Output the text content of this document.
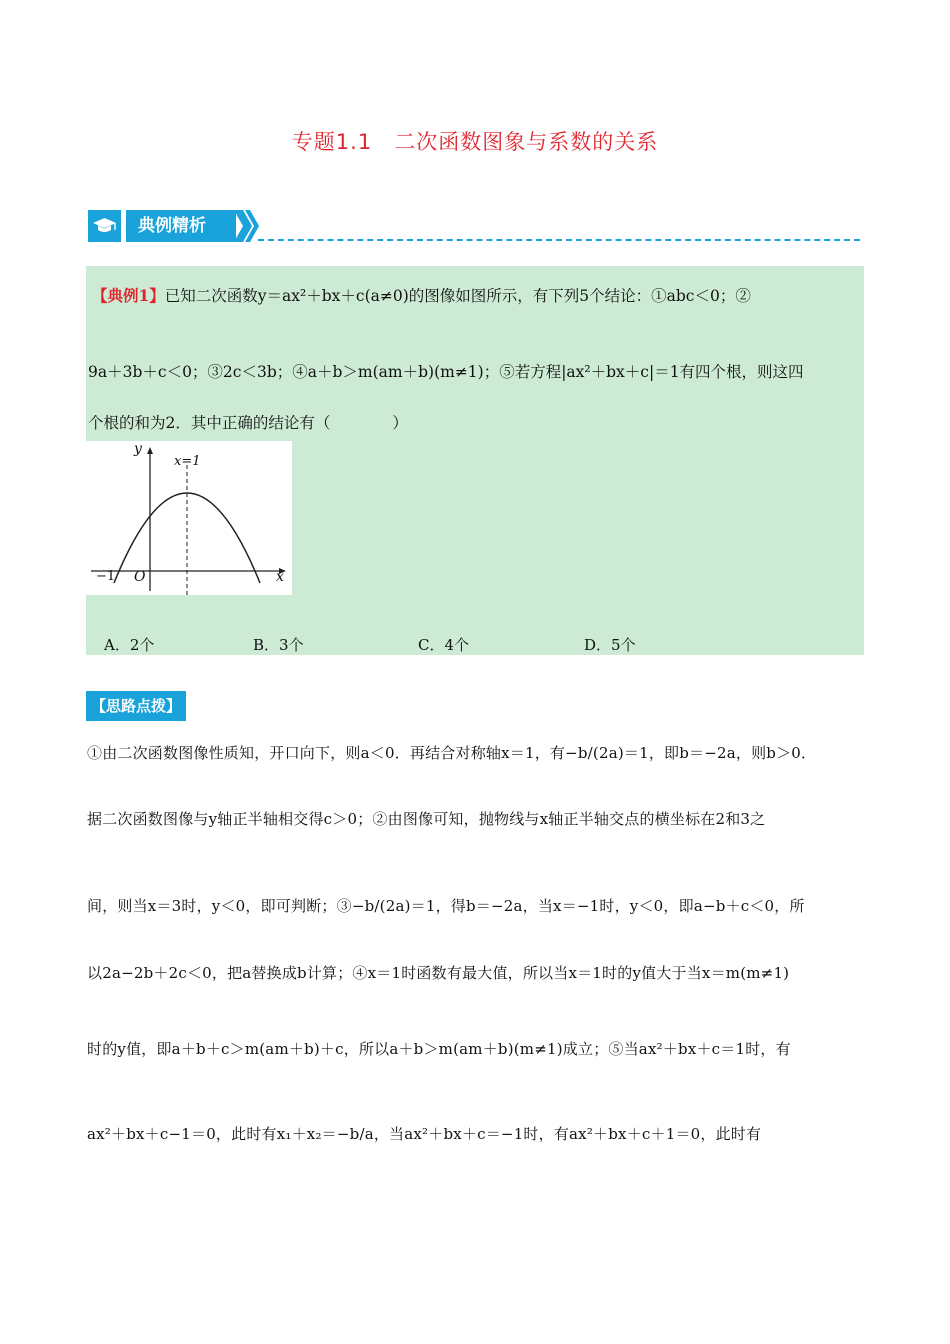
专题1.1　二次函数图象与系数的关系
典例精析
【典例1】已知二次函数y＝ax²＋bx＋c(a≠0)的图像如图所示，有下列5个结论：①abc＜0；②
9a＋3b＋c＜0；③2c＜3b；④a＋b＞m(am＋b)(m≠1)；⑤若方程|ax²＋bx＋c|＝1有四个根，则这四
个根的和为2．其中正确的结论有（　　　　）
y
x
x=1
O
−1
A．2个	B．3个	C．4个	D．5个
【思路点拨】
①由二次函数图像性质知，开口向下，则a＜0．再结合对称轴x＝1，有−b/(2a)＝1，即b＝−2a，则b＞0．
据二次函数图像与y轴正半轴相交得c＞0；②由图像可知，抛物线与x轴正半轴交点的横坐标在2和3之
间，则当x＝3时，y＜0，即可判断；③−b/(2a)＝1，得b＝−2a，当x＝−1时，y＜0，即a−b＋c＜0，所
以2a−2b＋2c＜0，把a替换成b计算；④x＝1时函数有最大值，所以当x＝1时的y值大于当x＝m(m≠1)
时的y值，即a＋b＋c＞m(am＋b)＋c，所以a＋b＞m(am＋b)(m≠1)成立；⑤当ax²＋bx＋c＝1时，有
ax²＋bx＋c−1＝0，此时有x₁＋x₂＝−b/a，当ax²＋bx＋c＝−1时，有ax²＋bx＋c＋1＝0，此时有
